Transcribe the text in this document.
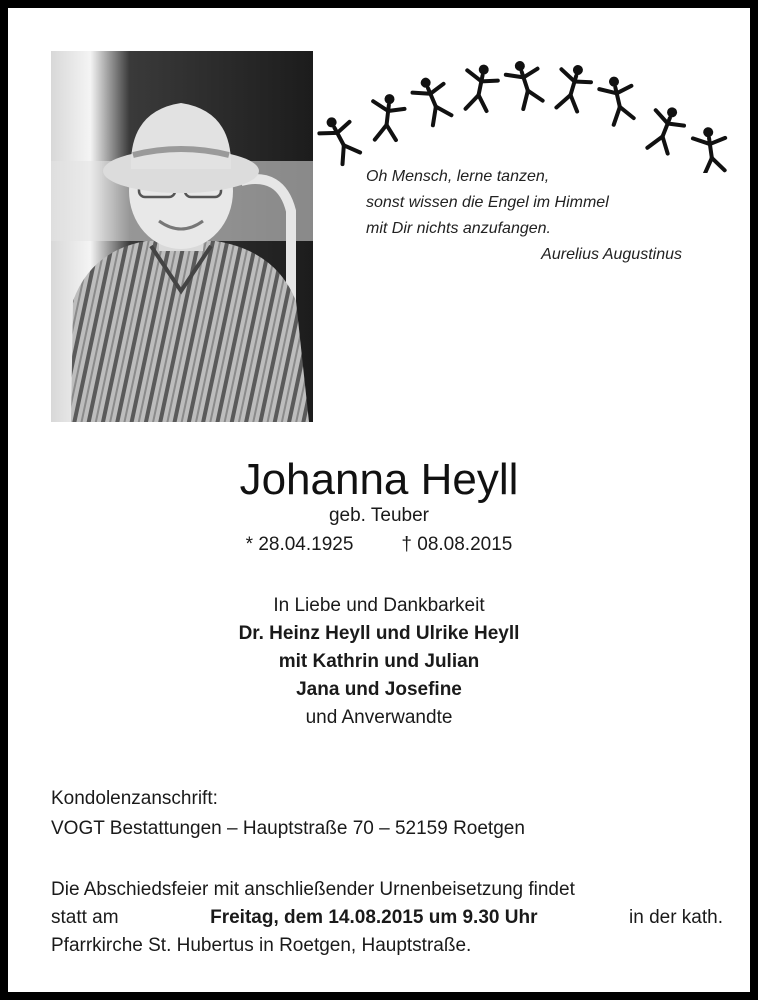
Oh Mensch, lerne tanzen,
sonst wissen die Engel im Himmel
mit Dir nichts anzufangen.
Aurelius Augustinus
Johanna Heyll
geb. Teuber
* 28.04.1925	† 08.08.2015
In Liebe und Dankbarkeit
Dr. Heinz Heyll und Ulrike Heyll
mit Kathrin und Julian
Jana und Josefine
und Anverwandte
Kondolenzanschrift:
VOGT Bestattungen – Hauptstraße 70 – 52159 Roetgen
Die Abschiedsfeier mit anschließender Urnenbeisetzung findet
statt am	Freitag, dem 14.08.2015 um 9.30 Uhr	in der kath.
Pfarrkirche St. Hubertus in Roetgen, Hauptstraße.
